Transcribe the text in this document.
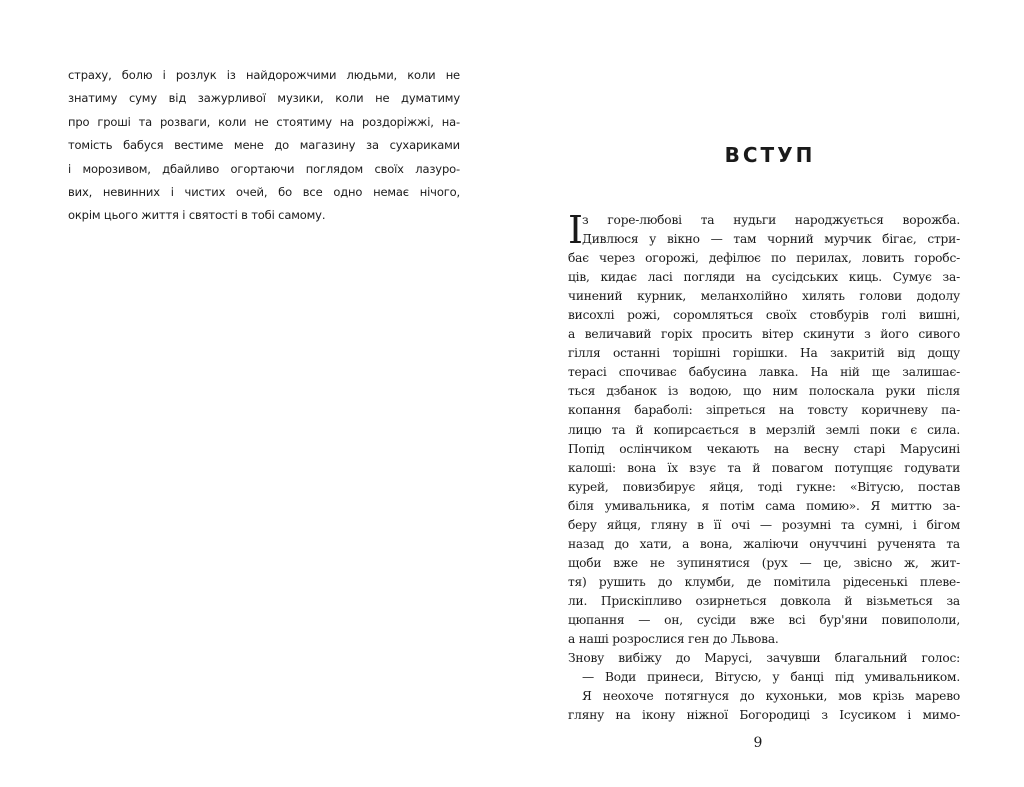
страху, болю і розлук із найдорожчими людьми, коли не
знатиму суму від зажурливої музики, коли не думатиму
про гроші та розваги, коли не стоятиму на роздоріжжі, на-
томість бабуся вестиме мене до магазину за сухариками
і морозивом, дбайливо огортаючи поглядом своїх лазуро-
вих, невинних і чистих очей, бо все одно немає нічого,
окрім цього життя і святості в тобі самому.
ВСТУП
І з горе-любові та нудьги народжується ворожба.
Дивлюся у вікно — там чорний мурчик бігає, стри-
бає через огорожі, дефілює по перилах, ловить горобс-
ців, кидає ласі погляди на сусідських киць. Сумує за-
чинений курник, меланхолійно хилять голови додолу
висохлі рожі, соромляться своїх стовбурів голі вишні,
а величавий горіх просить вітер скинути з його сивого
гілля останні торішні горішки. На закритій від дощу
терасі спочиває бабусина лавка. На ній ще залишає-
ться дзбанок із водою, що ним полоскала руки після
копання бараболі: зіпреться на товсту коричневу па-
лицю та й копирсається в мерзлій землі поки є сила.
Попід ослінчиком чекають на весну старі Марусині
калоші: вона їх взує та й повагом потупцяє годувати
курей, повизбирує яйця, тоді гукне: «Вітусю, постав
біля умивальника, я потім сама помию». Я миттю за-
беру яйця, гляну в її очі — розумні та сумні, і бігом
назад до хати, а вона, жаліючи онуччині рученята та
щоби вже не зупинятися (рух — це, звісно ж, жит-
тя) рушить до клумби, де помітила рідесенькі плеве-
ли. Прискіпливо озирнеться довкола й візьметься за
цюпання — он, сусіди вже всі бур'яни повипололи,
а наші розрослися ген до Львова.
Знову вибіжу до Марусі, зачувши благальний голос:
— Води принеси, Вітусю, у банці під умивальником.
Я неохоче потягнуся до кухоньки, мов крізь марево
гляну на ікону ніжної Богородиці з Ісусиком і мимо-
9
